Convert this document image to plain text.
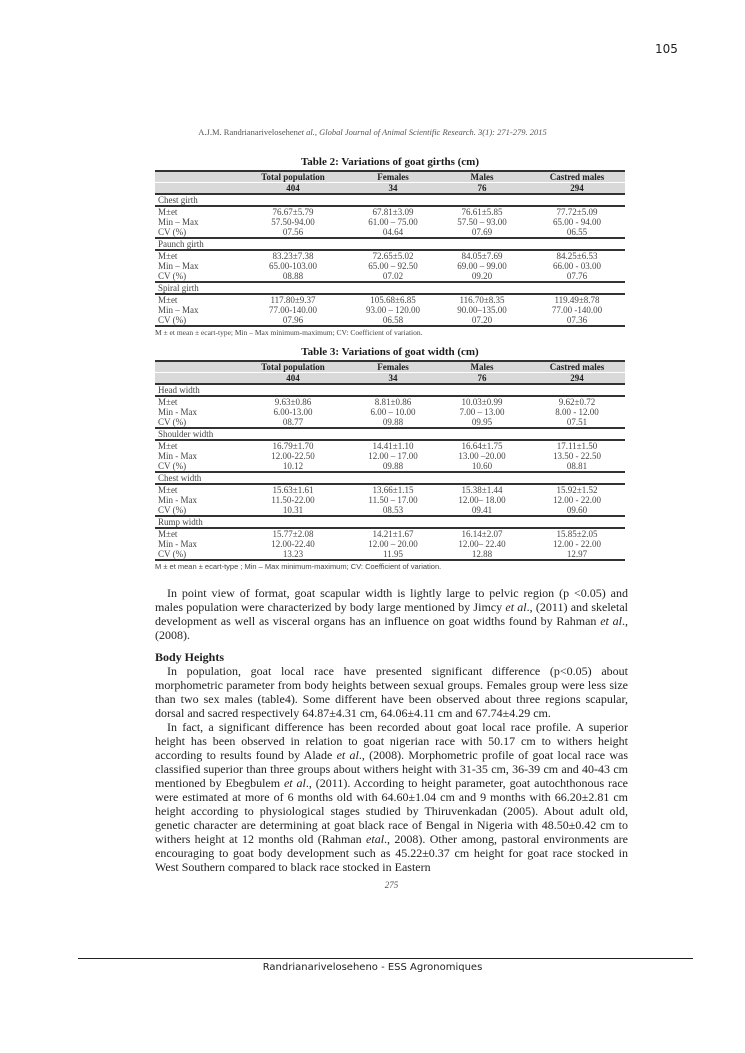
105
A.J.M. Randrianarivelosehenet al., Global Journal of Animal Scientific Research. 3(1): 271-279. 2015
Table 2: Variations of goat girths (cm)
	Total population	Females	Males	Castred males
	404	34	76	294
Chest girth				
M±et	76.67±5.79	67.81±3.09	76.61±5.85	77.72±5.09
Min – Max	57.50-94.00	61.00 – 75.00	57.50 – 93.00	65.00 - 94.00
CV (%)	07.56	04.64	07.69	06.55
Paunch girth				
M±et	83.23±7.38	72.65±5.02	84.05±7.69	84.25±6.53
Min – Max	65.00-103.00	65.00 – 92.50	69.00 – 99.00	66.00 - 03.00
CV (%)	08.88	07.02	09.20	07.76
Spiral girth				
M±et	117.80±9.37	105.68±6.85	116.70±8.35	119.49±8.78
Min – Max	77.00-140.00	93.00 – 120.00	90.00–135.00	77.00 -140.00
CV (%)	07.96	06.58	07.20	07.36
M ± et mean ± ecart-type; Min – Max minimum-maximum; CV: Coefficient of variation.
Table 3: Variations of goat width (cm)
	Total population	Females	Males	Castred males
	404	34	76	294
Head width				
M±et	9.63±0.86	8.81±0.86	10.03±0.99	9.62±0.72
Min - Max	6.00-13.00	6.00 – 10.00	7.00 – 13.00	8.00 - 12.00
CV (%)	08.77	09.88	09.95	07.51
Shoulder width				
M±et	16.79±1.70	14.41±1.10	16.64±1.75	17.11±1.50
Min - Max	12.00-22.50	12.00 – 17.00	13.00 –20.00	13.50 - 22.50
CV (%)	10.12	09.88	10.60	08.81
Chest width				
M±et	15.63±1.61	13.66±1.15	15.38±1.44	15.92±1.52
Min - Max	11.50-22.00	11.50 – 17.00	12.00– 18.00	12.00 - 22.00
CV (%)	10.31	08.53	09.41	09.60
Rump width				
M±et	15.77±2.08	14.21±1.67	16.14±2.07	15.85±2.05
Min - Max	12.00-22.40	12.00 – 20.00	12.00– 22.40	12.00 - 22.00
CV (%)	13.23	11.95	12.88	12.97
M ± et mean ± ecart-type ; Min – Max minimum-maximum; CV: Coefficient of variation.

In point view of format, goat scapular width is lightly large to pelvic region (p <0.05) and males population were characterized by body large mentioned by Jimcy et al., (2011) and skeletal development as well as visceral organs has an influence on goat widths found by Rahman et al., (2008).

Body Heights

In population, goat local race have presented significant difference (p<0.05) about morphometric parameter from body heights between sexual groups. Females group were less size than two sex males (table4). Some different have been observed about three regions scapular, dorsal and sacred respectively 64.87±4.31 cm, 64.06±4.11 cm and 67.74±4.29 cm.

In fact, a significant difference has been recorded about goat local race profile. A superior height has been observed in relation to goat nigerian race with 50.17 cm to withers height according to results found by Alade et al., (2008). Morphometric profile of goat local race was classified superior than three groups about withers height with 31-35 cm, 36-39 cm and 40-43 cm mentioned by Ebegbulem et al., (2011). According to height parameter, goat autochthonous race were estimated at more of 6 months old with 64.60±1.04 cm and 9 months with 66.20±2.81 cm height according to physiological stages studied by Thiruvenkadan (2005). About adult old, genetic character are determining at goat black race of Bengal in Nigeria with 48.50±0.42 cm to withers height at 12 months old (Rahman etal., 2008). Other among, pastoral environments are encouraging to goat body development such as 45.22±0.37 cm height for goat race stocked in West Southern compared to black race stocked in Eastern

275
Randrianariveloseheno - ESS Agronomiques
